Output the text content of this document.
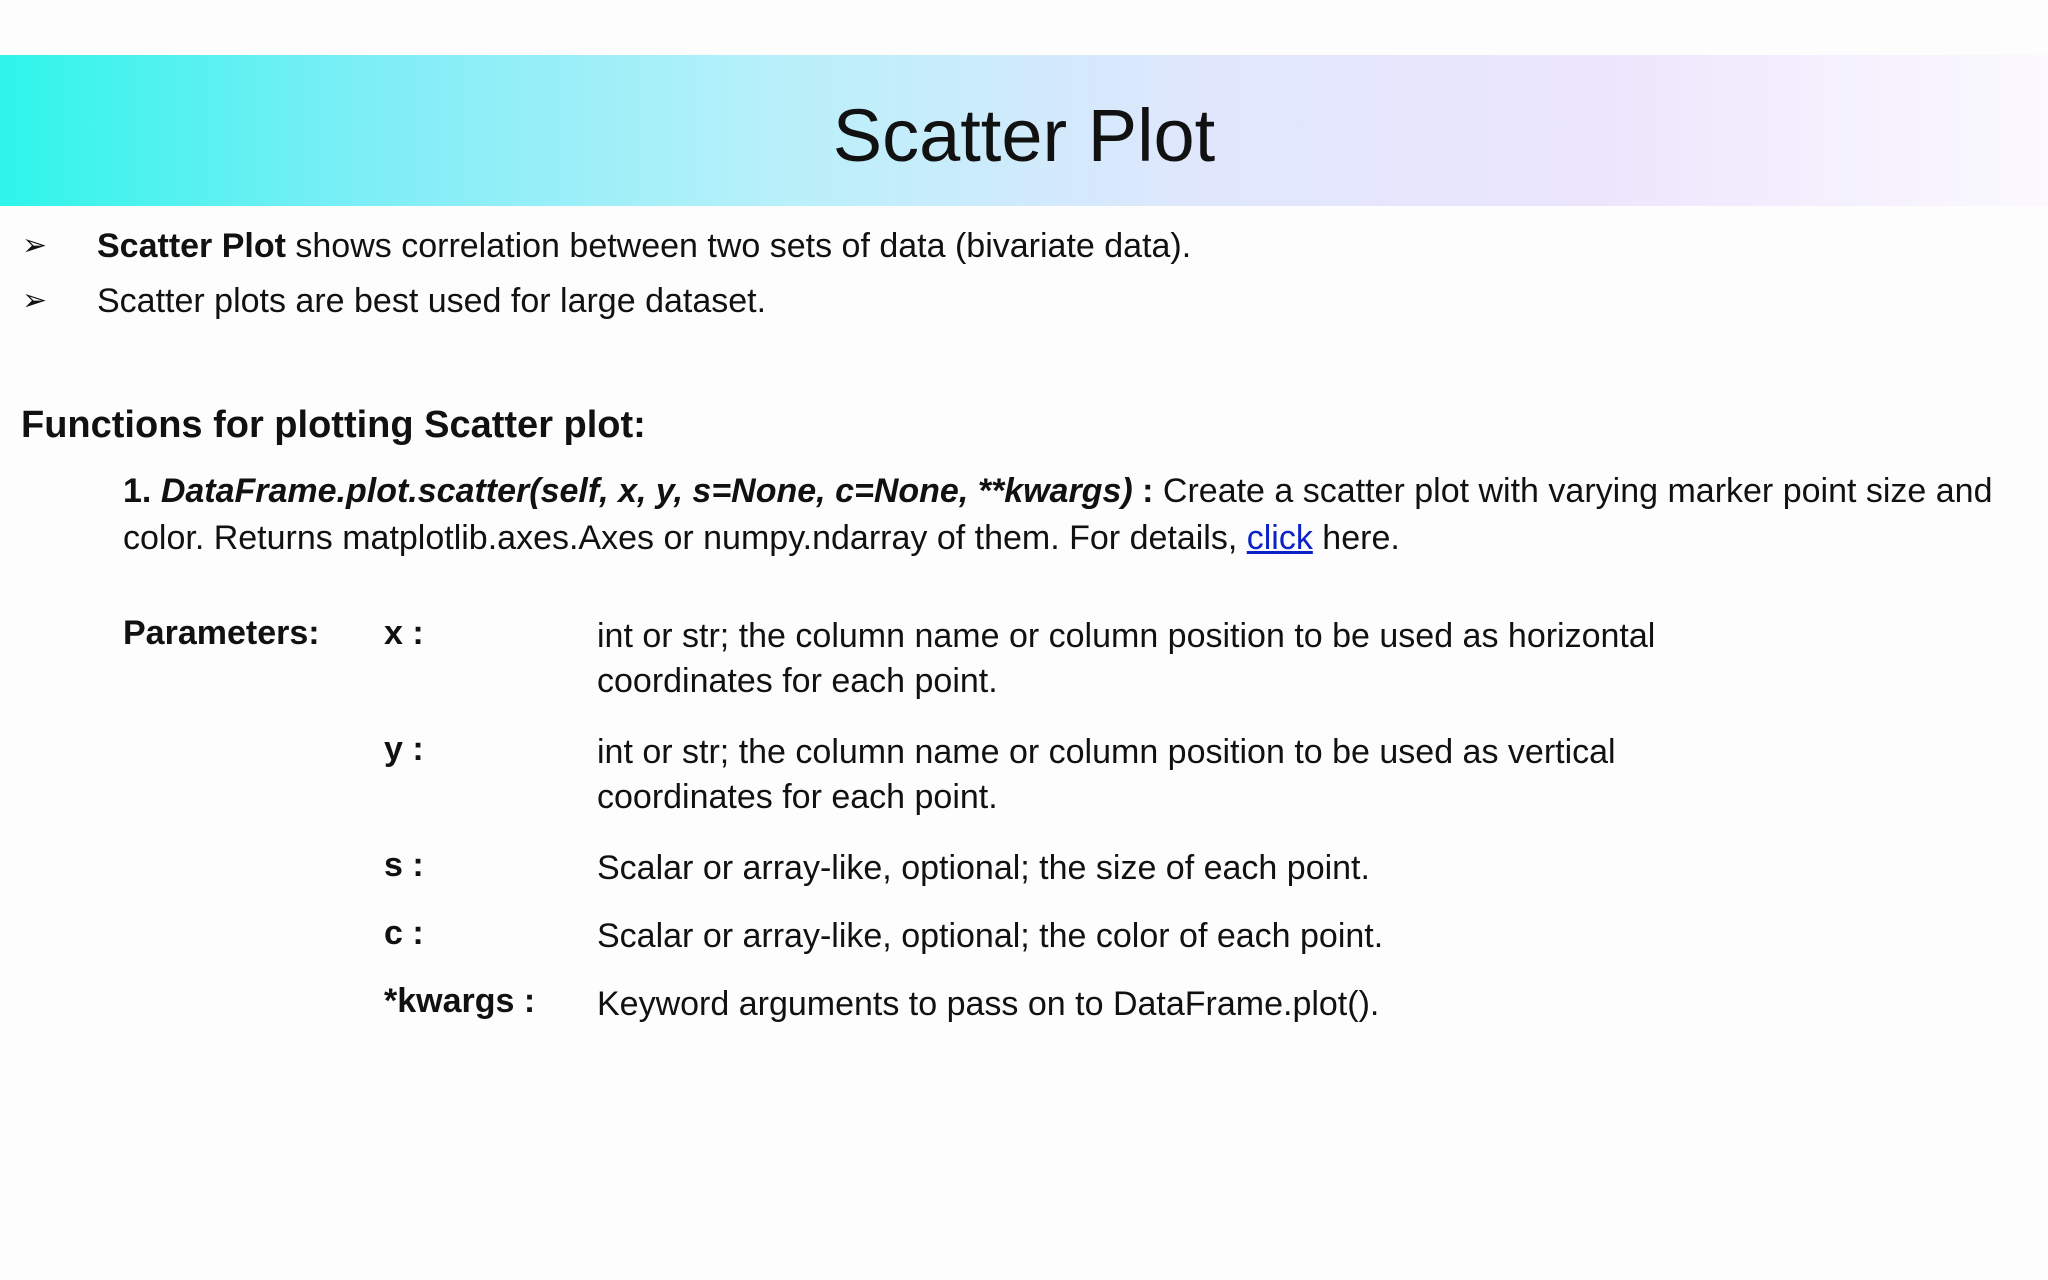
Scatter Plot
➢	Scatter Plot shows correlation between two sets of data (bivariate data).
➢	Scatter plots are best used for large dataset.
Functions for plotting Scatter plot:
1. DataFrame.plot.scatter(self, x, y, s=None, c=None, **kwargs) : Create a scatter plot with varying marker point size and color. Returns matplotlib.axes.Axes or numpy.ndarray of them. For details, click here.
Parameters: x :	int or str; the column name or column position to be used as horizontal coordinates for each point.
y :	int or str; the column name or column position to be used as vertical coordinates for each point.
s :	Scalar or array-like, optional; the size of each point.
c :	Scalar or array-like, optional; the color of each point.
*kwargs : Keyword arguments to pass on to DataFrame.plot().
